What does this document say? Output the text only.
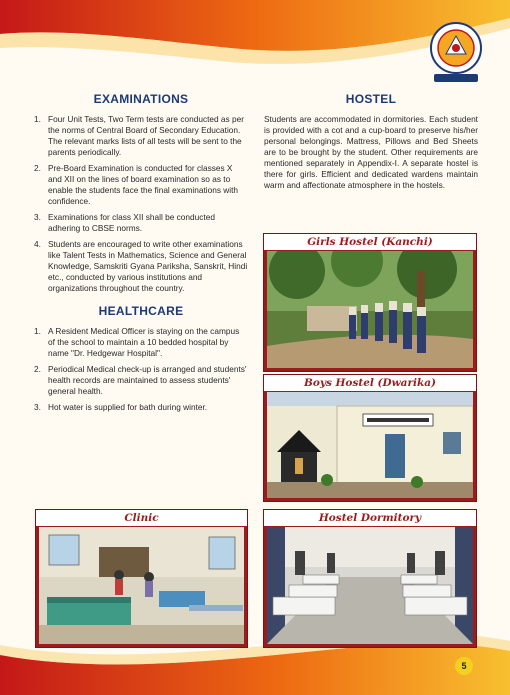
EXAMINATIONS
1. Four Unit Tests, Two Term tests are conducted as per the norms of Central Board of Secondary Education. The relevant marks lists of all tests will be sent to the parents periodically.
2. Pre-Board Examination is conducted for classes X and XII on the lines of board examination so as to enable the students face the final examinations with confidence.
3. Examinations for class XII shall be conducted adhering to CBSE norms.
4. Students are encouraged to write other examinations like Talent Tests in Mathematics, Science and General Knowledge, Samskriti Gyana Pariksha, Sanskrit, Hindi etc., conducted by various institutions and organizations throughout the country.
HEALTHCARE
1. A Resident Medical Officer is staying on the campus of the school to maintain a 10 bedded hospital by name "Dr. Hedgewar Hospital".
2. Periodical Medical check-up is arranged and students' health records are maintained to assess students' general health.
3. Hot water is supplied for bath during winter.
HOSTEL

Students are accommodated in dormitories. Each student is provided with a cot and a cup-board to preserve his/her personal belongings. Mattress, Pillows and Bed Sheets are to be brought by the student. Other requirements are mentioned separately in Appendix-I. A separate hostel is there for girls. Efficient and dedicated wardens maintain warm and affectionate atmosphere in the hostels.

Girls Hostel (Kanchi)
Boys Hostel (Dwarika)
Clinic	Hostel Dormitory
5
